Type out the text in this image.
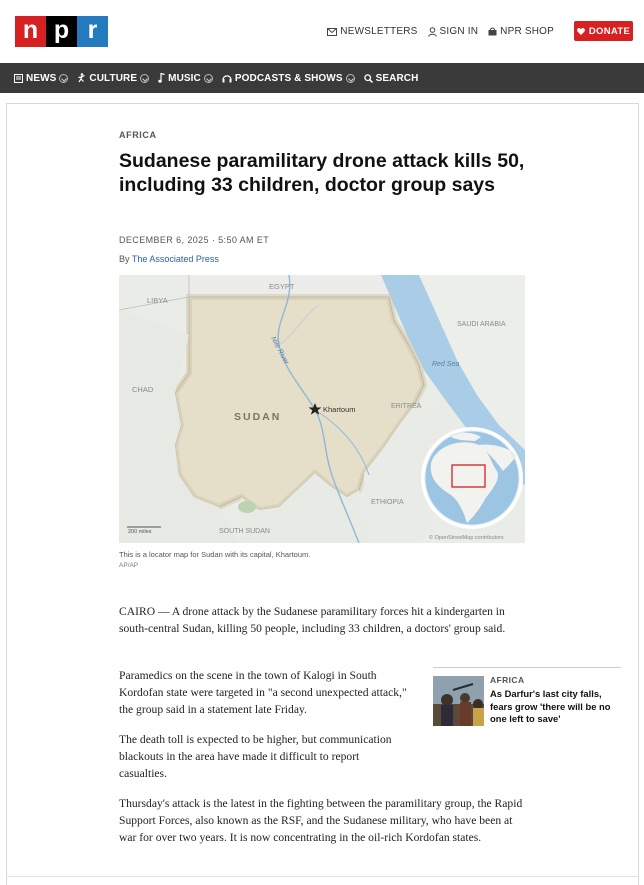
n p r	NEWSLETTERS SIGN IN NPR SHOP	DONATE
NEWS	CULTURE	MUSIC	PODCASTS & SHOWS	SEARCH
AFRICA
Sudanese paramilitary drone attack kills 50, including 33 children, doctor group says
DECEMBER 6, 2025 · 5:50 AM ET
By The Associated Press
EGYPT
LIBYA
SAUDI ARABIA
Red Sea
Nile River
CHAD
SUDAN
Khartoum	ERITREA
ETHIOPIA
SOUTH SUDAN
200 miles
© OpenStreetMap contributors
This is a locator map for Sudan with its capital, Khartoum.
AP/AP

CAIRO — A drone attack by the Sudanese paramilitary forces hit a kindergarten in south-central Sudan, killing 50 people, including 33 children, a doctors' group said.

Paramedics on the scene in the town of Kalogi in South Kordofan state were targeted in "a second unexpected attack," the group said in a statement late Friday.

The death toll is expected to be higher, but communication blackouts in the area have made it difficult to report casualties.

Thursday's attack is the latest in the fighting between the paramilitary group, the Rapid Support Forces, also known as the RSF, and the Sudanese military, who have been at war for over two years. It is now concentrating in the oil-rich Kordofan states.

AFRICA
As Darfur's last city falls, fears grow 'there will be no one left to save'
